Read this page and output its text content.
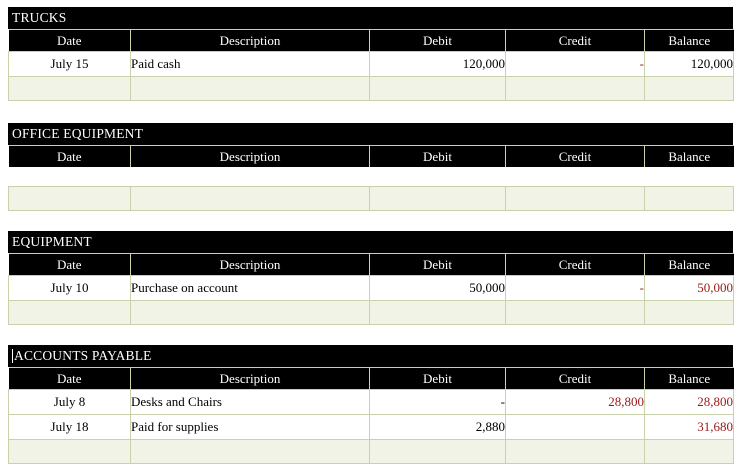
TRUCKS
Date	Description	Debit	Credit	Balance
July 15	Paid cash	120,000	-	120,000

OFFICE EQUIPMENT
Date	Description	Debit	Credit	Balance

EQUIPMENT
Date	Description	Debit	Credit	Balance
July 10	Purchase on account	50,000	-	50,000

ACCOUNTS PAYABLE
Date	Description	Debit	Credit	Balance
July 8	Desks and Chairs	-	28,800	28,800
July 18	Paid for supplies	2,880		31,680
